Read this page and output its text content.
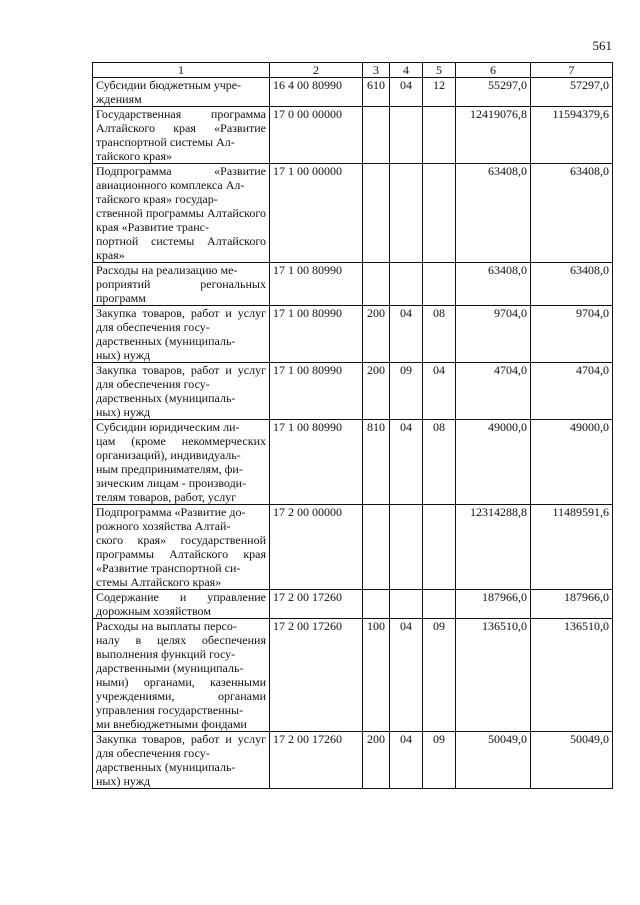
561
1	2	3	4	5	6	7
Субсидии бюджетным учре-
ждениям	16 4 00 80990	610	04	12	55297,0	57297,0
Государственная программа Алтайского края «Развитие транспортной системы Ал-
тайского края»	17 0 00 00000				12419076,8	11594379,6
Подпрограмма «Развитие авиационного комплекса Ал-
тайского края» государ-
ственной программы Алтайского края «Развитие транс-
портной системы Алтайского края»	17 1 00 00000				63408,0	63408,0
Расходы на реализацию ме-
роприятий регональных программ	17 1 00 80990				63408,0	63408,0
Закупка товаров, работ и услуг для обеспечения госу-
дарственных (муниципаль-
ных) нужд	17 1 00 80990	200	04	08	9704,0	9704,0
Закупка товаров, работ и услуг для обеспечения госу-
дарственных (муниципаль-
ных) нужд	17 1 00 80990	200	09	04	4704,0	4704,0
Субсидии юридическим ли-
цам (кроме некоммерческих организаций), индивидуаль-
ным предпринимателям, фи-
зическим лицам - производи-
телям товаров, работ, услуг	17 1 00 80990	810	04	08	49000,0	49000,0
Подпрограмма «Развитие до-
рожного хозяйства Алтай-
ского края» государственной программы Алтайского края «Развитие транспортной си-
стемы Алтайского края»	17 2 00 00000				12314288,8	11489591,6
Содержание и управление дорожным хозяйством	17 2 00 17260				187966,0	187966,0
Расходы на выплаты персо-
налу в целях обеспечения выполнения функций госу-
дарственными (муниципаль-
ными) органами, казенными учреждениями, органами управления государственны-
ми внебюджетными фондами	17 2 00 17260	100	04	09	136510,0	136510,0
Закупка товаров, работ и услуг для обеспечения госу-
дарственных (муниципаль-
ных) нужд	17 2 00 17260	200	04	09	50049,0	50049,0
